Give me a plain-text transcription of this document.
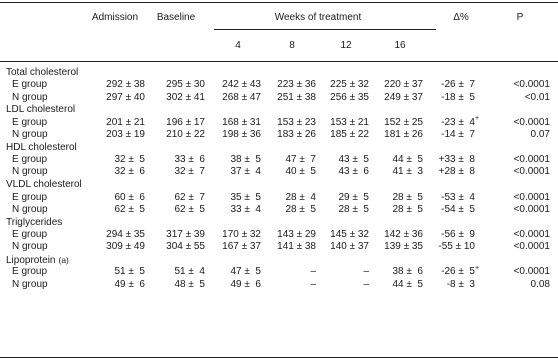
Admission Baseline	Weeks of treatment	Δ%	P
4	8	12	16
Total cholesterol
E group	292 ± 38	295 ± 30	242 ± 43	223 ± 36	225 ± 32	220 ± 37	-26 ±  7	<0.0001
N group	297 ± 40	302 ± 41	268 ± 47	251 ± 38	256 ± 35	249 ± 37	-18 ±  5	<0.01
LDL cholesterol
E group	201 ± 21	196 ± 17	168 ± 31	153 ± 23	153 ± 21	152 ± 25	-23 ±  4+	<0.0001
N group	203 ± 19	210 ± 22	198 ± 36	183 ± 26	185 ± 22	181 ± 26	-14 ±  7	0.07
HDL cholesterol
E group	32 ±  5	33 ±  6	38 ±  5	47 ±  7	43 ±  5	44 ±  5	+33 ±  8	<0.0001
N group	32 ±  6	32 ±  7	37 ±  4	40 ±  5	43 ±  6	41 ±  3	+28 ±  8	<0.0001
VLDL cholesterol
E group	60 ±  6	62 ±  7	35 ±  5	28 ±  4	29 ±  5	28 ±  5	-53 ±  4	<0.0001
N group	62 ±  5	62 ±  5	33 ±  4	28 ±  5	28 ±  5	28 ±  5	-54 ±  5	<0.0001
Triglycerides
E group	294 ± 35	317 ± 39	170 ± 32	143 ± 29	145 ± 32	142 ± 36	-56 ±  9	<0.0001
N group	309 ± 49	304 ± 55	167 ± 37	141 ± 38	140 ± 37	139 ± 35	-55 ± 10	<0.0001
Lipoprotein (a)
E group	51 ±  5	51 ±  4	47 ±  5	–	–	38 ±  6	-26 ±  5+	<0.0001
N group	49 ±  6	48 ±  5	49 ±  6	–	–	44 ±  5	-8 ±  3	0.08
